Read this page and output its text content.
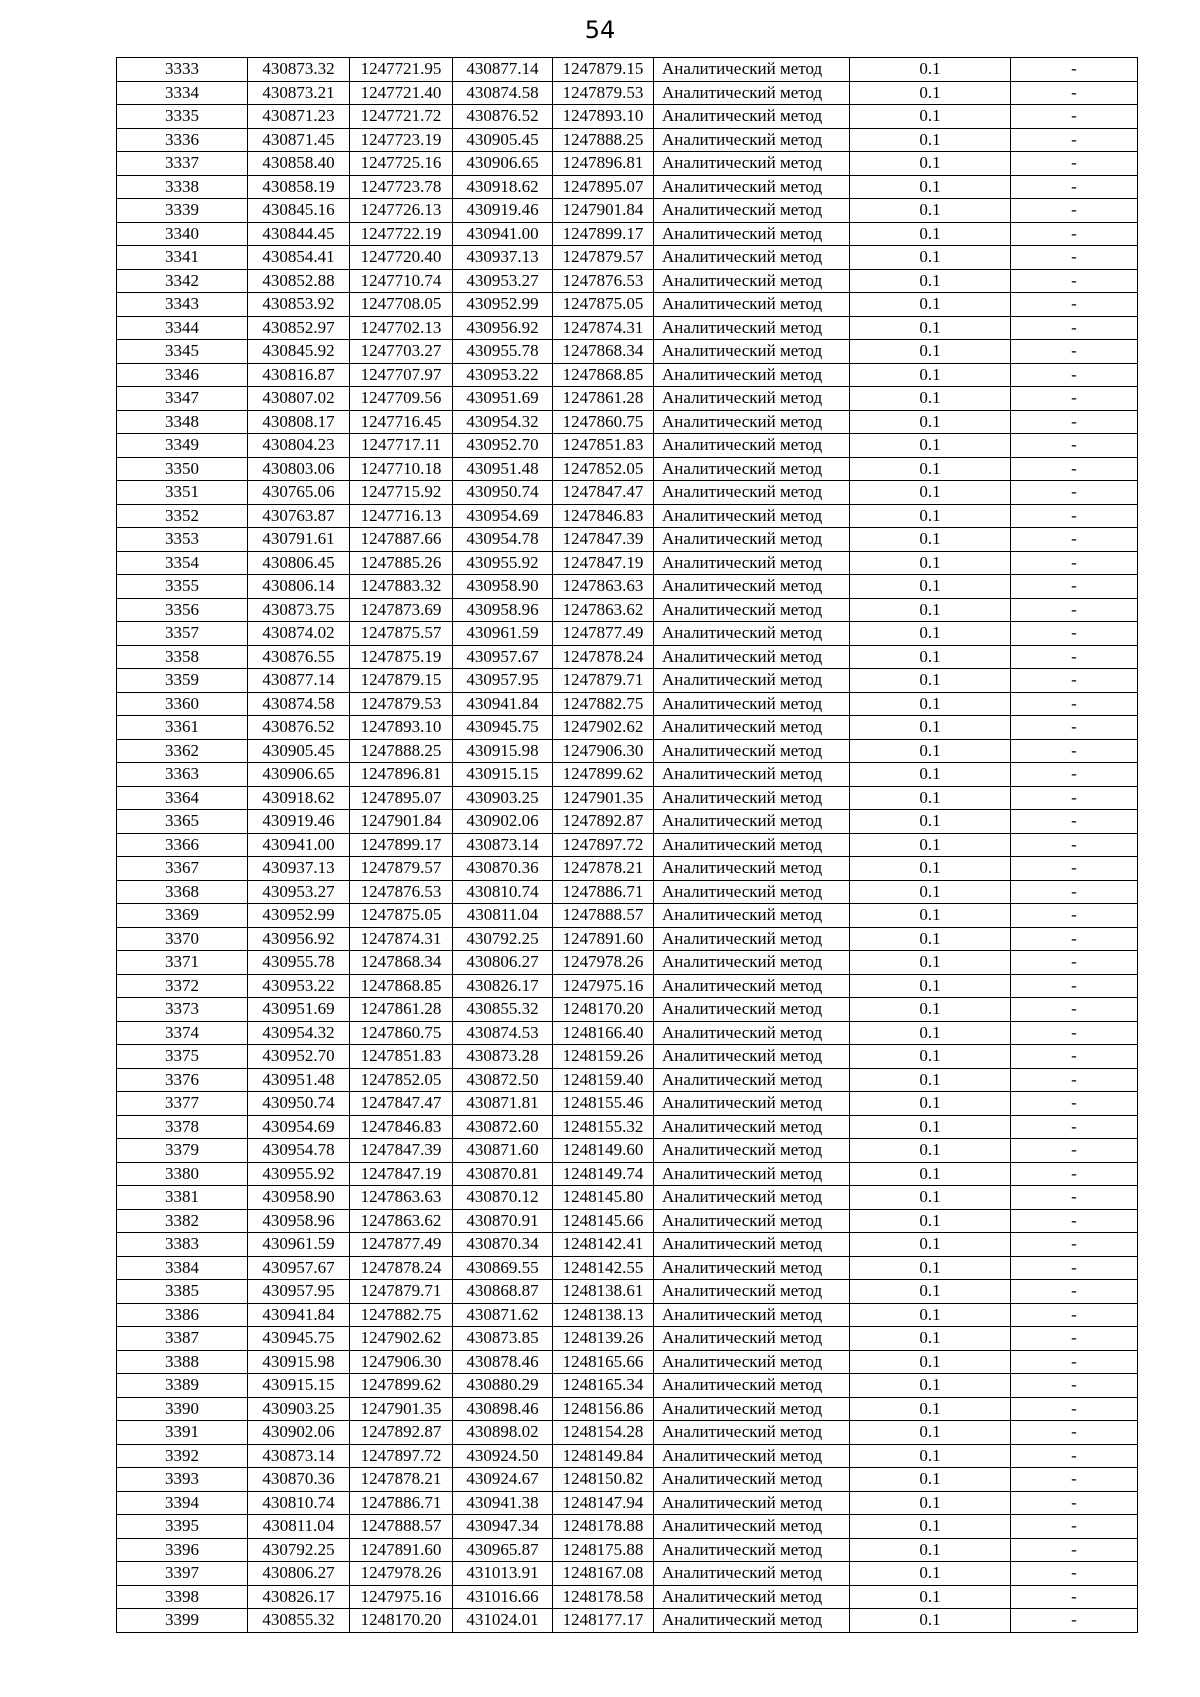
54
3333	430873.32	1247721.95	430877.14	1247879.15	Аналитический метод	0.1	-
3334	430873.21	1247721.40	430874.58	1247879.53	Аналитический метод	0.1	-
3335	430871.23	1247721.72	430876.52	1247893.10	Аналитический метод	0.1	-
3336	430871.45	1247723.19	430905.45	1247888.25	Аналитический метод	0.1	-
3337	430858.40	1247725.16	430906.65	1247896.81	Аналитический метод	0.1	-
3338	430858.19	1247723.78	430918.62	1247895.07	Аналитический метод	0.1	-
3339	430845.16	1247726.13	430919.46	1247901.84	Аналитический метод	0.1	-
3340	430844.45	1247722.19	430941.00	1247899.17	Аналитический метод	0.1	-
3341	430854.41	1247720.40	430937.13	1247879.57	Аналитический метод	0.1	-
3342	430852.88	1247710.74	430953.27	1247876.53	Аналитический метод	0.1	-
3343	430853.92	1247708.05	430952.99	1247875.05	Аналитический метод	0.1	-
3344	430852.97	1247702.13	430956.92	1247874.31	Аналитический метод	0.1	-
3345	430845.92	1247703.27	430955.78	1247868.34	Аналитический метод	0.1	-
3346	430816.87	1247707.97	430953.22	1247868.85	Аналитический метод	0.1	-
3347	430807.02	1247709.56	430951.69	1247861.28	Аналитический метод	0.1	-
3348	430808.17	1247716.45	430954.32	1247860.75	Аналитический метод	0.1	-
3349	430804.23	1247717.11	430952.70	1247851.83	Аналитический метод	0.1	-
3350	430803.06	1247710.18	430951.48	1247852.05	Аналитический метод	0.1	-
3351	430765.06	1247715.92	430950.74	1247847.47	Аналитический метод	0.1	-
3352	430763.87	1247716.13	430954.69	1247846.83	Аналитический метод	0.1	-
3353	430791.61	1247887.66	430954.78	1247847.39	Аналитический метод	0.1	-
3354	430806.45	1247885.26	430955.92	1247847.19	Аналитический метод	0.1	-
3355	430806.14	1247883.32	430958.90	1247863.63	Аналитический метод	0.1	-
3356	430873.75	1247873.69	430958.96	1247863.62	Аналитический метод	0.1	-
3357	430874.02	1247875.57	430961.59	1247877.49	Аналитический метод	0.1	-
3358	430876.55	1247875.19	430957.67	1247878.24	Аналитический метод	0.1	-
3359	430877.14	1247879.15	430957.95	1247879.71	Аналитический метод	0.1	-
3360	430874.58	1247879.53	430941.84	1247882.75	Аналитический метод	0.1	-
3361	430876.52	1247893.10	430945.75	1247902.62	Аналитический метод	0.1	-
3362	430905.45	1247888.25	430915.98	1247906.30	Аналитический метод	0.1	-
3363	430906.65	1247896.81	430915.15	1247899.62	Аналитический метод	0.1	-
3364	430918.62	1247895.07	430903.25	1247901.35	Аналитический метод	0.1	-
3365	430919.46	1247901.84	430902.06	1247892.87	Аналитический метод	0.1	-
3366	430941.00	1247899.17	430873.14	1247897.72	Аналитический метод	0.1	-
3367	430937.13	1247879.57	430870.36	1247878.21	Аналитический метод	0.1	-
3368	430953.27	1247876.53	430810.74	1247886.71	Аналитический метод	0.1	-
3369	430952.99	1247875.05	430811.04	1247888.57	Аналитический метод	0.1	-
3370	430956.92	1247874.31	430792.25	1247891.60	Аналитический метод	0.1	-
3371	430955.78	1247868.34	430806.27	1247978.26	Аналитический метод	0.1	-
3372	430953.22	1247868.85	430826.17	1247975.16	Аналитический метод	0.1	-
3373	430951.69	1247861.28	430855.32	1248170.20	Аналитический метод	0.1	-
3374	430954.32	1247860.75	430874.53	1248166.40	Аналитический метод	0.1	-
3375	430952.70	1247851.83	430873.28	1248159.26	Аналитический метод	0.1	-
3376	430951.48	1247852.05	430872.50	1248159.40	Аналитический метод	0.1	-
3377	430950.74	1247847.47	430871.81	1248155.46	Аналитический метод	0.1	-
3378	430954.69	1247846.83	430872.60	1248155.32	Аналитический метод	0.1	-
3379	430954.78	1247847.39	430871.60	1248149.60	Аналитический метод	0.1	-
3380	430955.92	1247847.19	430870.81	1248149.74	Аналитический метод	0.1	-
3381	430958.90	1247863.63	430870.12	1248145.80	Аналитический метод	0.1	-
3382	430958.96	1247863.62	430870.91	1248145.66	Аналитический метод	0.1	-
3383	430961.59	1247877.49	430870.34	1248142.41	Аналитический метод	0.1	-
3384	430957.67	1247878.24	430869.55	1248142.55	Аналитический метод	0.1	-
3385	430957.95	1247879.71	430868.87	1248138.61	Аналитический метод	0.1	-
3386	430941.84	1247882.75	430871.62	1248138.13	Аналитический метод	0.1	-
3387	430945.75	1247902.62	430873.85	1248139.26	Аналитический метод	0.1	-
3388	430915.98	1247906.30	430878.46	1248165.66	Аналитический метод	0.1	-
3389	430915.15	1247899.62	430880.29	1248165.34	Аналитический метод	0.1	-
3390	430903.25	1247901.35	430898.46	1248156.86	Аналитический метод	0.1	-
3391	430902.06	1247892.87	430898.02	1248154.28	Аналитический метод	0.1	-
3392	430873.14	1247897.72	430924.50	1248149.84	Аналитический метод	0.1	-
3393	430870.36	1247878.21	430924.67	1248150.82	Аналитический метод	0.1	-
3394	430810.74	1247886.71	430941.38	1248147.94	Аналитический метод	0.1	-
3395	430811.04	1247888.57	430947.34	1248178.88	Аналитический метод	0.1	-
3396	430792.25	1247891.60	430965.87	1248175.88	Аналитический метод	0.1	-
3397	430806.27	1247978.26	431013.91	1248167.08	Аналитический метод	0.1	-
3398	430826.17	1247975.16	431016.66	1248178.58	Аналитический метод	0.1	-
3399	430855.32	1248170.20	431024.01	1248177.17	Аналитический метод	0.1	-
